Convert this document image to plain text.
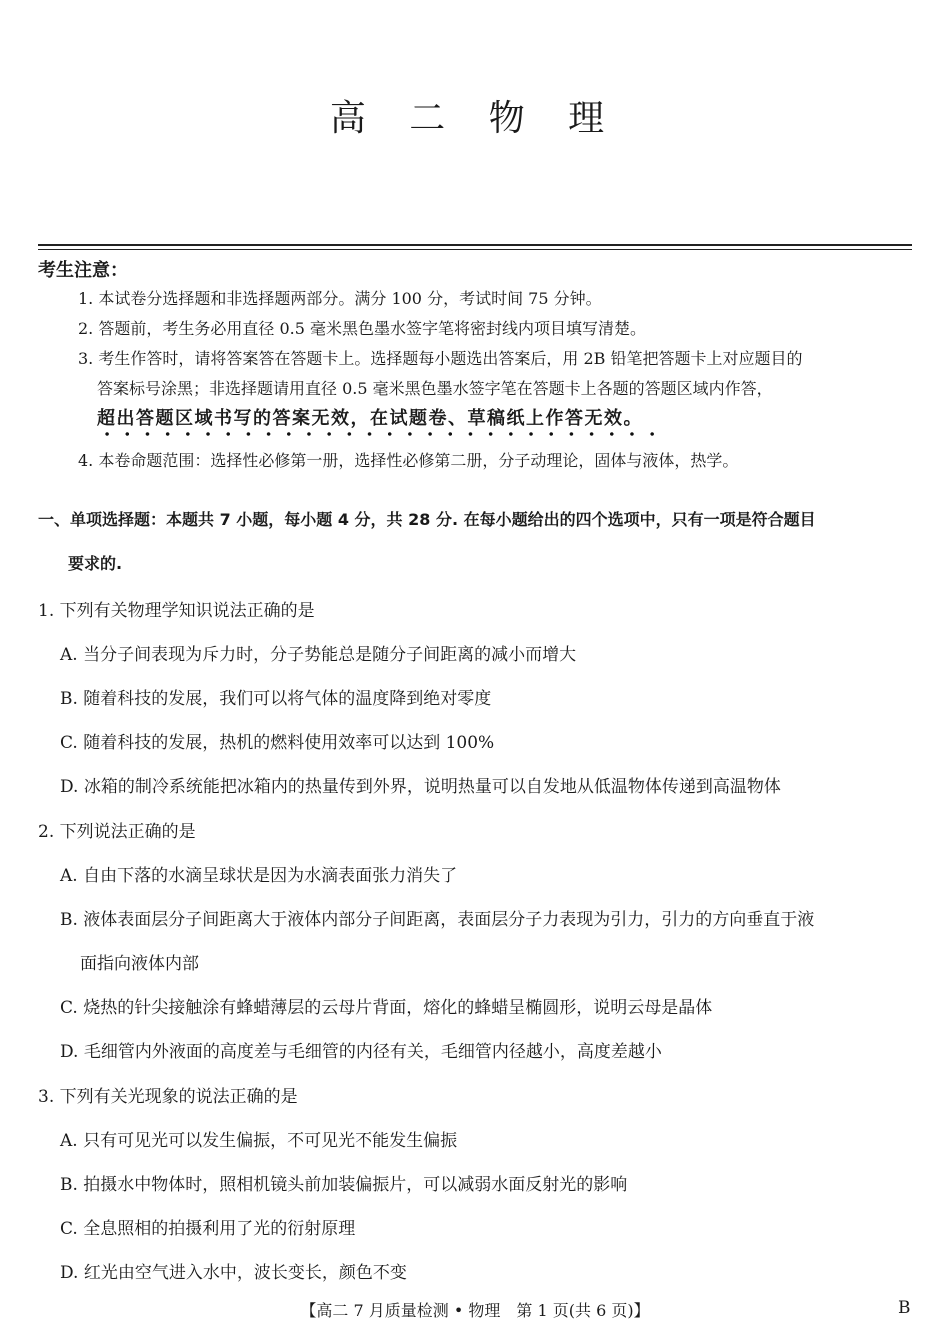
高 二 物 理
考生注意：
1. 本试卷分选择题和非选择题两部分。满分 100 分，考试时间 75 分钟。
2. 答题前，考生务必用直径 0.5 毫米黑色墨水签字笔将密封线内项目填写清楚。
3. 考生作答时，请将答案答在答题卡上。选择题每小题选出答案后，用 2B 铅笔把答题卡上对应题目的
答案标号涂黑；非选择题请用直径 0.5 毫米黑色墨水签字笔在答题卡上各题的答题区域内作答，
超出答题区域书写的答案无效，在试题卷、草稿纸上作答无效。
4. 本卷命题范围：选择性必修第一册，选择性必修第二册，分子动理论，固体与液体，热学。
一、单项选择题：本题共 7 小题，每小题 4 分，共 28 分. 在每小题给出的四个选项中，只有一项是符合题目
要求的.
1. 下列有关物理学知识说法正确的是
A. 当分子间表现为斥力时，分子势能总是随分子间距离的减小而增大
B. 随着科技的发展，我们可以将气体的温度降到绝对零度
C. 随着科技的发展，热机的燃料使用效率可以达到 100%
D. 冰箱的制冷系统能把冰箱内的热量传到外界，说明热量可以自发地从低温物体传递到高温物体
2. 下列说法正确的是
A. 自由下落的水滴呈球状是因为水滴表面张力消失了
B. 液体表面层分子间距离大于液体内部分子间距离，表面层分子力表现为引力，引力的方向垂直于液
面指向液体内部
C. 烧热的针尖接触涂有蜂蜡薄层的云母片背面，熔化的蜂蜡呈椭圆形，说明云母是晶体
D. 毛细管内外液面的高度差与毛细管的内径有关，毛细管内径越小，高度差越小
3. 下列有关光现象的说法正确的是
A. 只有可见光可以发生偏振，不可见光不能发生偏振
B. 拍摄水中物体时，照相机镜头前加装偏振片，可以减弱水面反射光的影响
C. 全息照相的拍摄利用了光的衍射原理
D. 红光由空气进入水中，波长变长，颜色不变
【高二 7 月质量检测 • 物理　第 1 页(共 6 页)】	B
